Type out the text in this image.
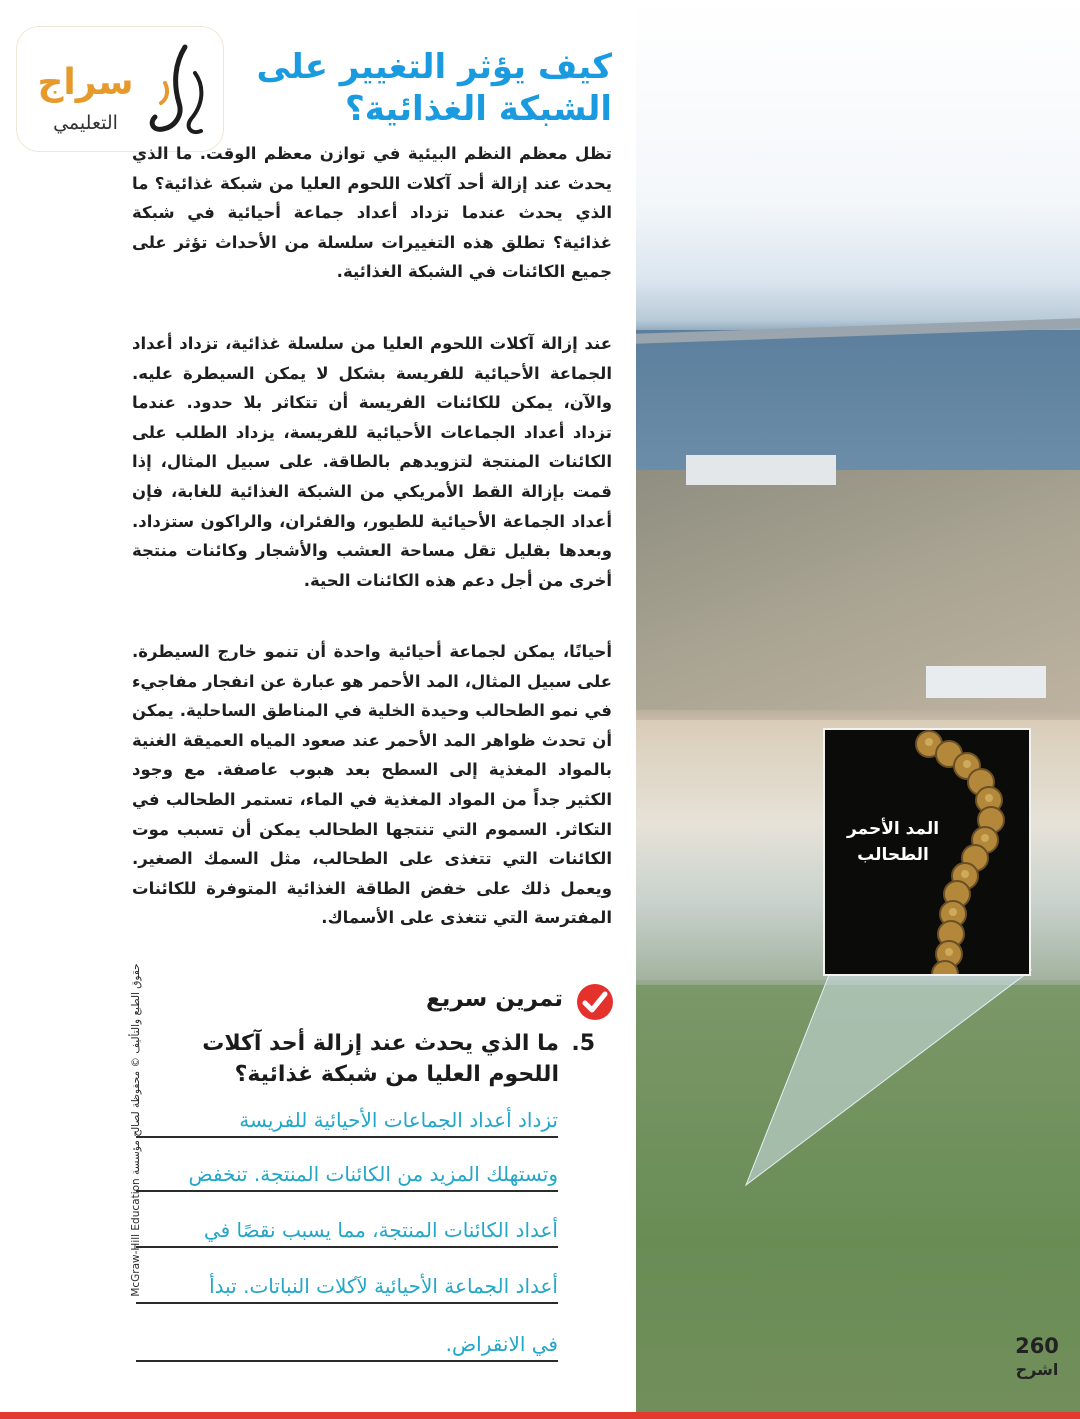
المد الأحمر
الطحالب
سراج
التعليمي
كيف يؤثر التغيير على
الشبكة الغذائية؟
تظل معظم النظم البيئية في توازن معظم الوقت. ما الذي يحدث عند إزالة أحد آكلات اللحوم العليا من شبكة غذائية؟ ما الذي يحدث عندما تزداد أعداد جماعة أحيائية في شبكة غذائية؟ تطلق هذه التغييرات سلسلة من الأحداث تؤثر على جميع الكائنات في الشبكة الغذائية.
عند إزالة آكلات اللحوم العليا من سلسلة غذائية، تزداد أعداد الجماعة الأحيائية للفريسة بشكل لا يمكن السيطرة عليه. والآن، يمكن للكائنات الفريسة أن تتكاثر بلا حدود. عندما تزداد أعداد الجماعات الأحيائية للفريسة، يزداد الطلب على الكائنات المنتجة لتزويدهم بالطاقة. على سبيل المثال، إذا قمت بإزالة القط الأمريكي من الشبكة الغذائية للغابة، فإن أعداد الجماعة الأحيائية للطيور، والفئران، والراكون ستزداد. وبعدها بقليل تقل مساحة العشب والأشجار وكائنات منتجة أخرى من أجل دعم هذه الكائنات الحية.
أحيانًا، يمكن لجماعة أحيائية واحدة أن تنمو خارج السيطرة. على سبيل المثال، المد الأحمر هو عبارة عن انفجار مفاجيء في نمو الطحالب وحيدة الخلية في المناطق الساحلية. يمكن أن تحدث ظواهر المد الأحمر عند صعود المياه العميقة الغنية بالمواد المغذية إلى السطح بعد هبوب عاصفة. مع وجود الكثير جداً من المواد المغذية في الماء، تستمر الطحالب في التكاثر. السموم التي تنتجها الطحالب يمكن أن تسبب موت الكائنات التي تتغذى على الطحالب، مثل السمك الصغير. ويعمل ذلك على خفض الطاقة الغذائية المتوفرة للكائنات المفترسة التي تتغذى على الأسماك.
حقوق الطبع والتأليف © محفوظة لصالح مؤسسة McGraw-Hill Education	تمرين سريع
5.
ما الذي يحدث عند إزالة أحد آكلات اللحوم العليا من شبكة غذائية؟
تزداد أعداد الجماعات الأحيائية للفريسة
وتستهلك المزيد من الكائنات المنتجة. تنخفض
أعداد الكائنات المنتجة، مما يسبب نقصًا في
أعداد الجماعة الأحيائية لآكلات النباتات. تبدأ
في الانقراض.	260
اشرح
